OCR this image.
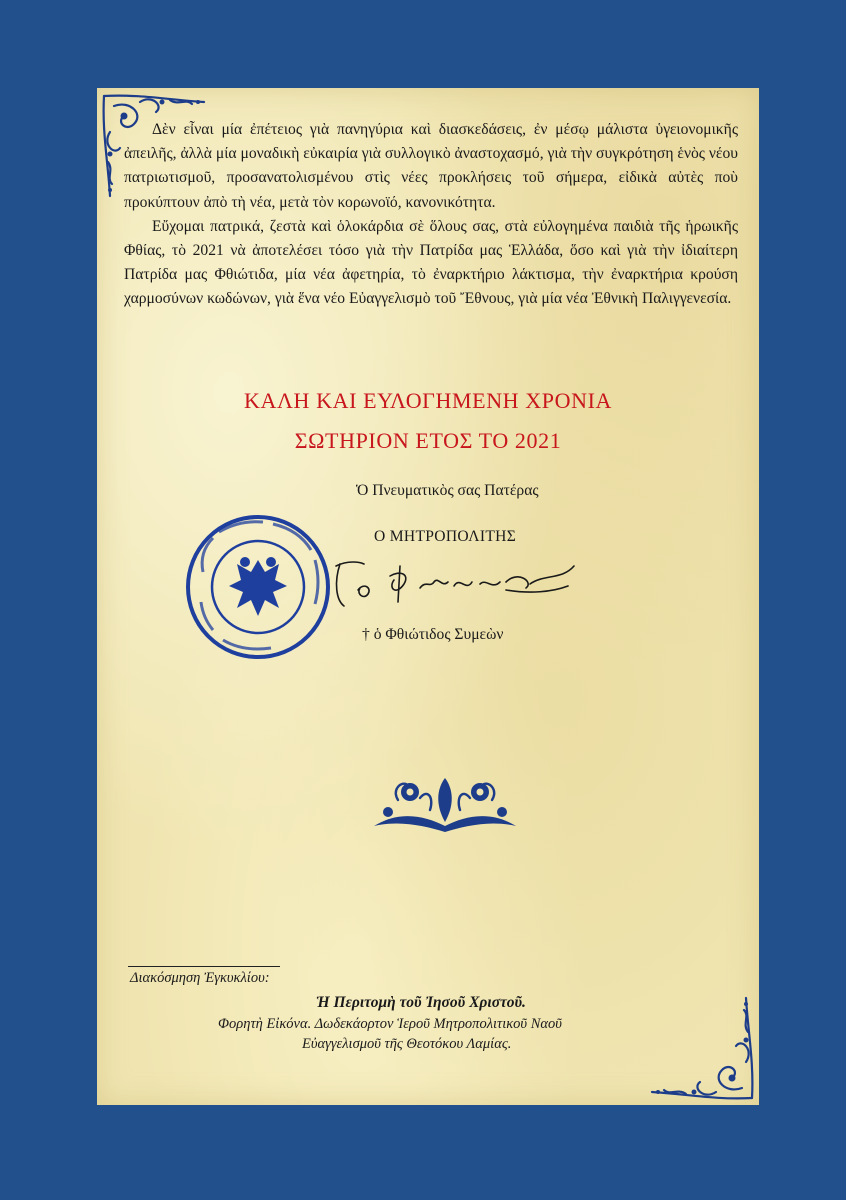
Δὲν εἶναι μία ἐπέτειος γιὰ πανηγύρια καὶ διασκεδάσεις, ἐν μέσῳ μάλιστα ὑγειονομικῆς ἀπειλῆς, ἀλλὰ μία μοναδικὴ εὐκαιρία γιὰ συλλογικὸ ἀναστοχασμό, γιὰ τὴν συγκρότηση ἑνὸς νέου πατριωτισμοῦ, προσανατολισμένου στὶς νέες προκλήσεις τοῦ σήμερα, εἰδικὰ αὐτὲς ποὺ προκύπτουν ἀπὸ τὴ νέα, μετὰ τὸν κορωνοϊό, κανονικότητα.

Εὔχομαι πατρικά, ζεστὰ καὶ ὁλοκάρδια σὲ ὅλους σας, στὰ εὐλογημένα παιδιὰ τῆς ἡρωικῆς Φθίας, τὸ 2021 νὰ ἀποτελέσει τόσο γιὰ τὴν Πατρίδα μας Ἑλλάδα, ὅσο καὶ γιὰ τὴν ἰδιαίτερη Πατρίδα μας Φθιώτιδα, μία νέα ἀφετηρία, τὸ ἐναρκτήριο λάκτισμα, τὴν ἐναρκτήρια κρούση χαρμοσύνων κωδώνων, γιὰ ἕνα νέο Εὐαγγελισμὸ τοῦ Ἔθνους, γιὰ μία νέα Ἐθνικὴ Παλιγγενεσία.

ΚΑΛΗ ΚΑΙ ΕΥΛΟΓΗΜΕΝΗ ΧΡΟΝΙΑ
ΣΩΤΗΡΙΟΝ ΕΤΟΣ ΤΟ 2021
Ὁ Πνευματικὸς σας Πατέρας
Ο ΜΗΤΡΟΠΟΛΙΤΗΣ
† ὁ Φθιώτιδος Συμεὼν
Διακόσμηση Ἐγκυκλίου:
Ἡ Περιτομὴ τοῦ Ἰησοῦ Χριστοῦ.
Φορητὴ Εἰκόνα. Δωδεκάορτον Ἱεροῦ Μητροπολιτικοῦ Ναοῦ
Εὐαγγελισμοῦ τῆς Θεοτόκου Λαμίας.
